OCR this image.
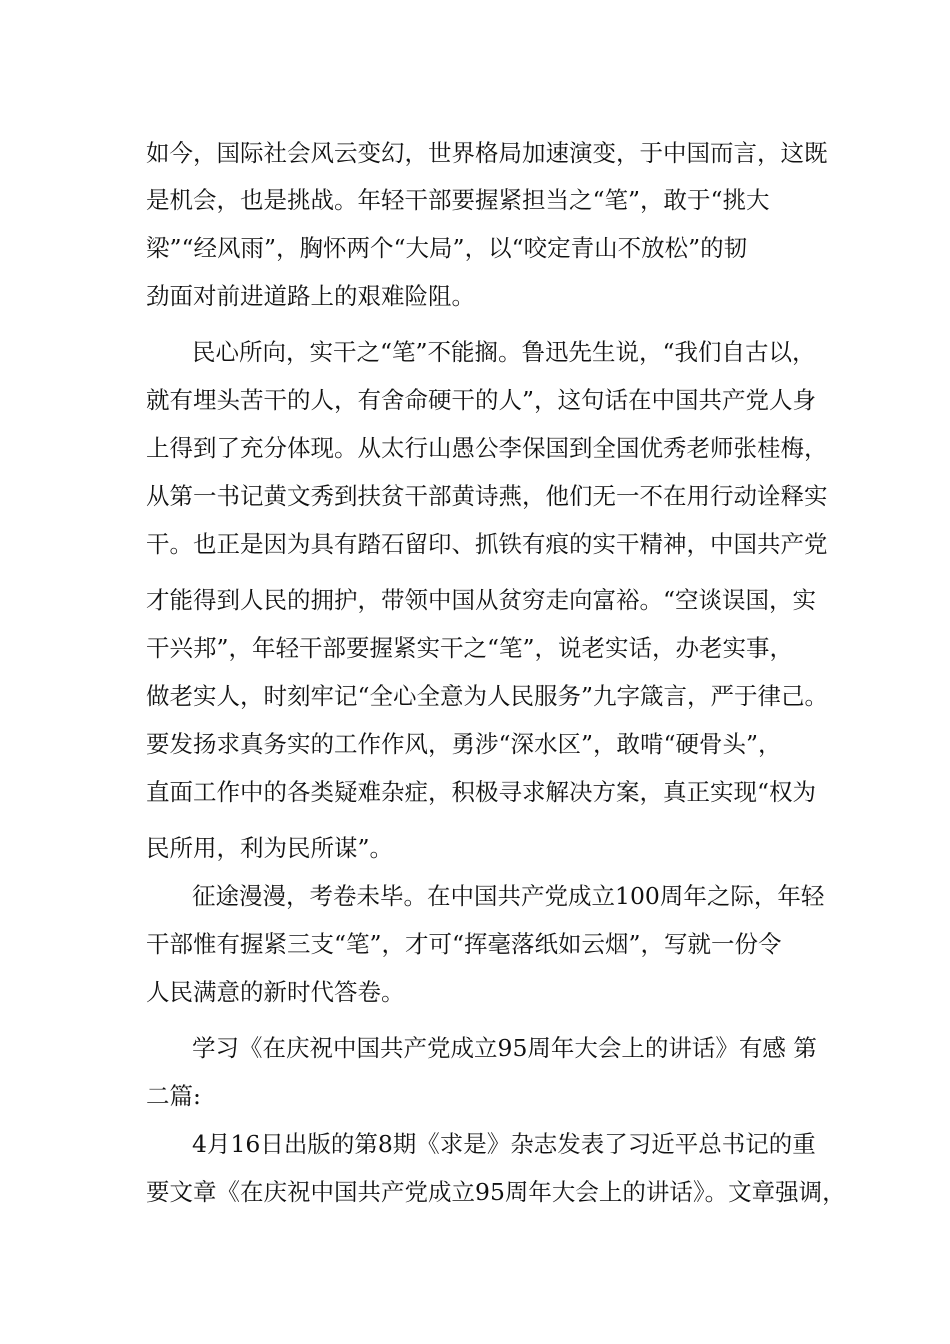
如今，国际社会风云变幻，世界格局加速演变，于中国而言，这既
是机会，也是挑战。年轻干部要握紧担当之“笔”，敢于“挑大
梁”“经风雨”，胸怀两个“大局”，以“咬定青山不放松”的韧
劲面对前进道路上的艰难险阻。
民心所向，实干之“笔”不能搁。鲁迅先生说，“我们自古以，
就有埋头苦干的人，有舍命硬干的人”，这句话在中国共产党人身
上得到了充分体现。从太行山愚公李保国到全国优秀老师张桂梅，
从第一书记黄文秀到扶贫干部黄诗燕，他们无一不在用行动诠释实
干。也正是因为具有踏石留印、抓铁有痕的实干精神，中国共产党
才能得到人民的拥护，带领中国从贫穷走向富裕。“空谈误国，实
干兴邦”，年轻干部要握紧实干之“笔”，说老实话，办老实事，
做老实人，时刻牢记“全心全意为人民服务”九字箴言，严于律己。
要发扬求真务实的工作作风，勇涉“深水区”，敢啃“硬骨头”，
直面工作中的各类疑难杂症，积极寻求解决方案，真正实现“权为
民所用，利为民所谋”。
征途漫漫，考卷未毕。在中国共产党成立100周年之际，年轻
干部惟有握紧三支“笔”，才可“挥毫落纸如云烟”，写就一份令
人民满意的新时代答卷。
学习《在庆祝中国共产党成立95周年大会上的讲话》有感 第
二篇:
4月16日出版的第8期《求是》杂志发表了习近平总书记的重
要文章《在庆祝中国共产党成立95周年大会上的讲话》。文章强调，
